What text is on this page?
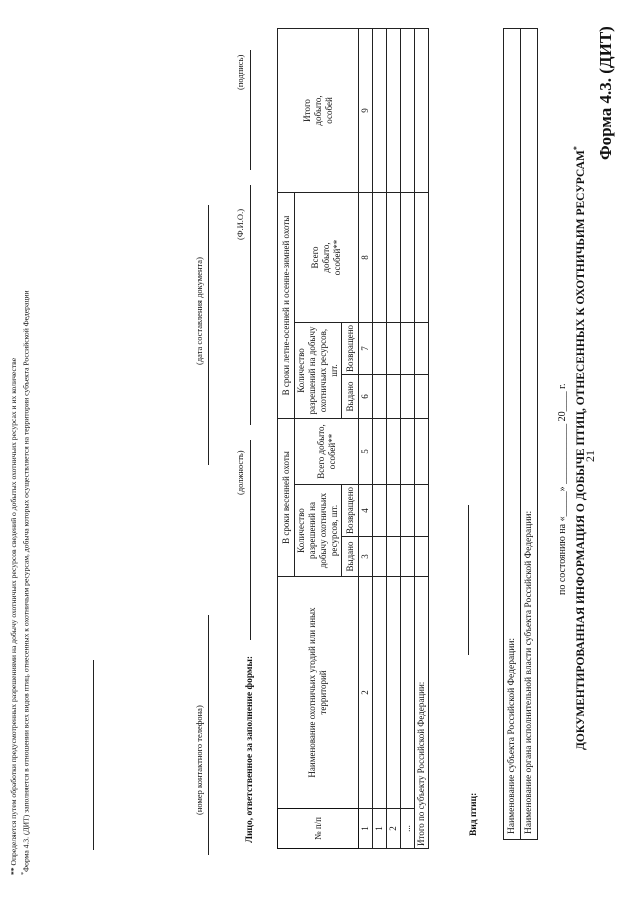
21
Форма 4.3. (ДИТ)
ДОКУМЕНТИРОВАННАЯ ИНФОРМАЦИЯ О ДОБЫЧЕ ПТИЦ, ОТНЕСЕННЫХ К ОХОТНИЧЬИМ РЕСУРСАМ*
по состоянию на «_____» ____________ 20____ г.
Наименование субъекта Российской Федерации:
Наименование органа исполнительной власти субъекта Российской Федерации:
Вид птиц:
№ п/п	Наименование охотничьих угодий или иных территорий	В сроки весенней охоты			В сроки летне-осенней и осенне-зимней охоты			Итого добыто, особей
		Количество разрешений на добычу охотничьих ресурсов, шт.		Всего добыто, особей**	Количество разрешений на добычу охотничьих ресурсов, шт.		Всего добыто, особей**	
		Выдано	Возвращено		Выдано	Возвращено		
1	2	3	4	5	6	7	8	9
1								
2								
...								
Итого по субъекту Российской Федерации:								
Лицо, ответственное за заполнение формы:
(должность)
(Ф.И.О.)
(подпись)
(номер контактного телефона)
(дата составления документа)
*Форма 4.3. (ДИТ) заполняется в отношении всех видов птиц, отнесенных к охотничьим ресурсам, добыча которых осуществляется на территории субъекта Российской Федерации
** Определяется путем обработки предусмотренных разрешениями на добычу охотничьих ресурсов сведений о добытых охотничьих ресурсах и их количестве
